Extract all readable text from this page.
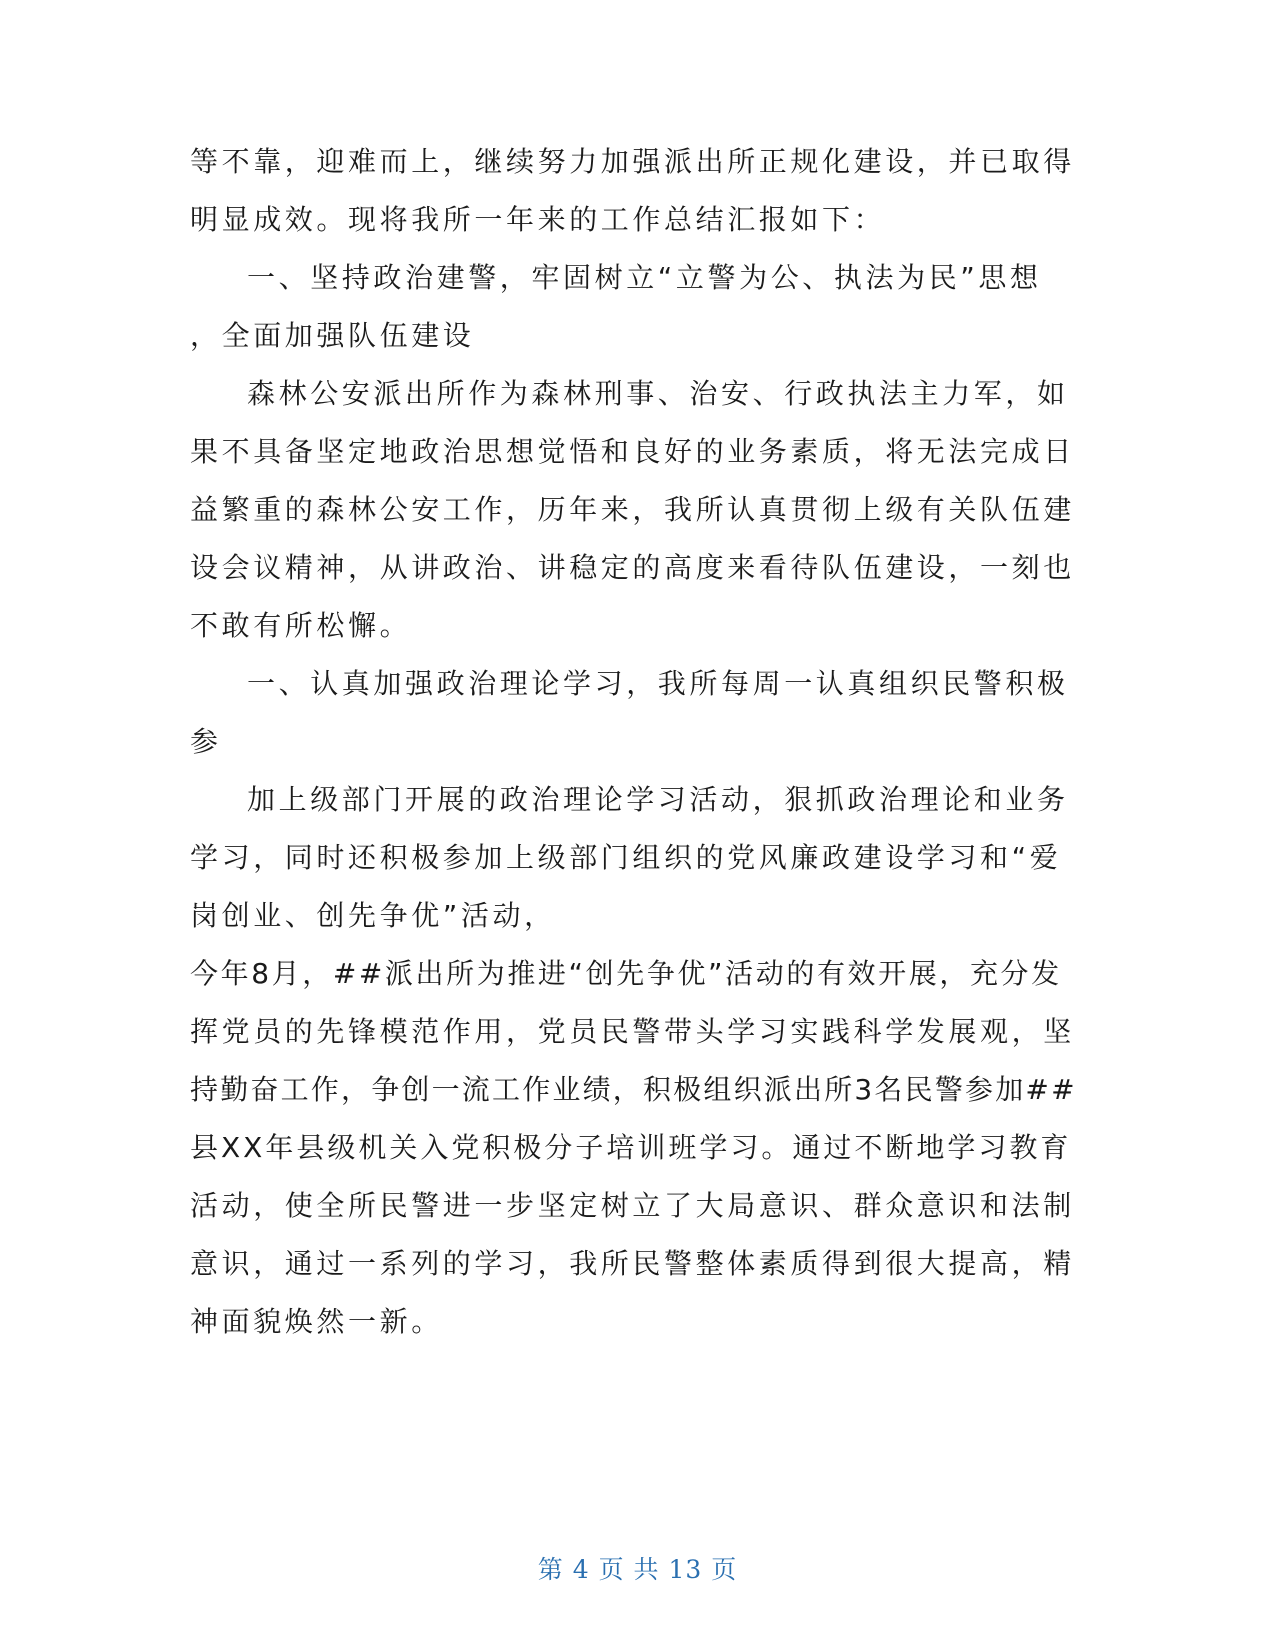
等不靠，迎难而上，继续努力加强派出所正规化建设，并已取得
明显成效。现将我所一年来的工作总结汇报如下：
一、坚持政治建警，牢固树立“立警为公、执法为民”思想
，全面加强队伍建设
森林公安派出所作为森林刑事、治安、行政执法主力军，如
果不具备坚定地政治思想觉悟和良好的业务素质，将无法完成日
益繁重的森林公安工作，历年来，我所认真贯彻上级有关队伍建
设会议精神，从讲政治、讲稳定的高度来看待队伍建设，一刻也
不敢有所松懈。
一、认真加强政治理论学习，我所每周一认真组织民警积极
参
加上级部门开展的政治理论学习活动，狠抓政治理论和业务
学习，同时还积极参加上级部门组织的党风廉政建设学习和“爱
岗创业、创先争优”活动，
今年8月，##派出所为推进“创先争优”活动的有效开展，充分发
挥党员的先锋模范作用，党员民警带头学习实践科学发展观，坚
持勤奋工作，争创一流工作业绩，积极组织派出所3名民警参加##
县XX年县级机关入党积极分子培训班学习。通过不断地学习教育
活动，使全所民警进一步坚定树立了大局意识、群众意识和法制
意识，通过一系列的学习，我所民警整体素质得到很大提高，精
神面貌焕然一新。
第 4 页 共 13 页
